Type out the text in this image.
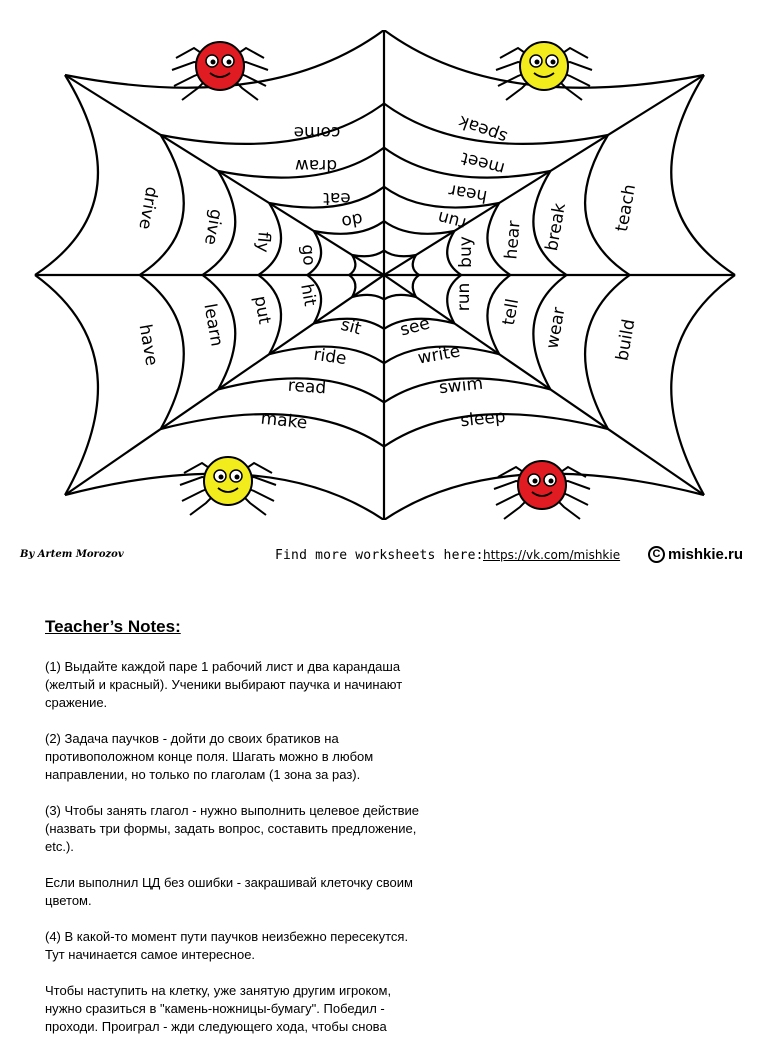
come
draw
eat
do
speak
meet
hear
run
drive give fly
go
teach
break
hear
buy
have learn put hit
build
wear
tell
run
sit
ride
read
make
see
write
swim
sleep
By Artem Morozov	Find more worksheets here: https://vk.com/mishkie	C mishkie.ru
Teacher’s Notes:

(1) Выдайте каждой паре 1 рабочий лист и два карандаша (желтый и красный). Ученики выбирают паучка и начинают сражение.

(2) Задача паучков - дойти до своих братиков на противоположном конце поля. Шагать можно в любом направлении, но только по глаголам (1 зона за раз).

(3) Чтобы занять глагол - нужно выполнить целевое действие (назвать три формы, задать вопрос, составить предложение, etc.).

Если выполнил ЦД без ошибки - закрашивай клеточку своим цветом.

(4) В какой-то момент пути паучков неизбежно пересекутся. Тут начинается самое интересное.

Чтобы наступить на клетку, уже занятую другим игроком, нужно сразиться в "камень-ножницы-бумагу". Победил - проходи. Проиграл - жди следующего хода, чтобы снова
